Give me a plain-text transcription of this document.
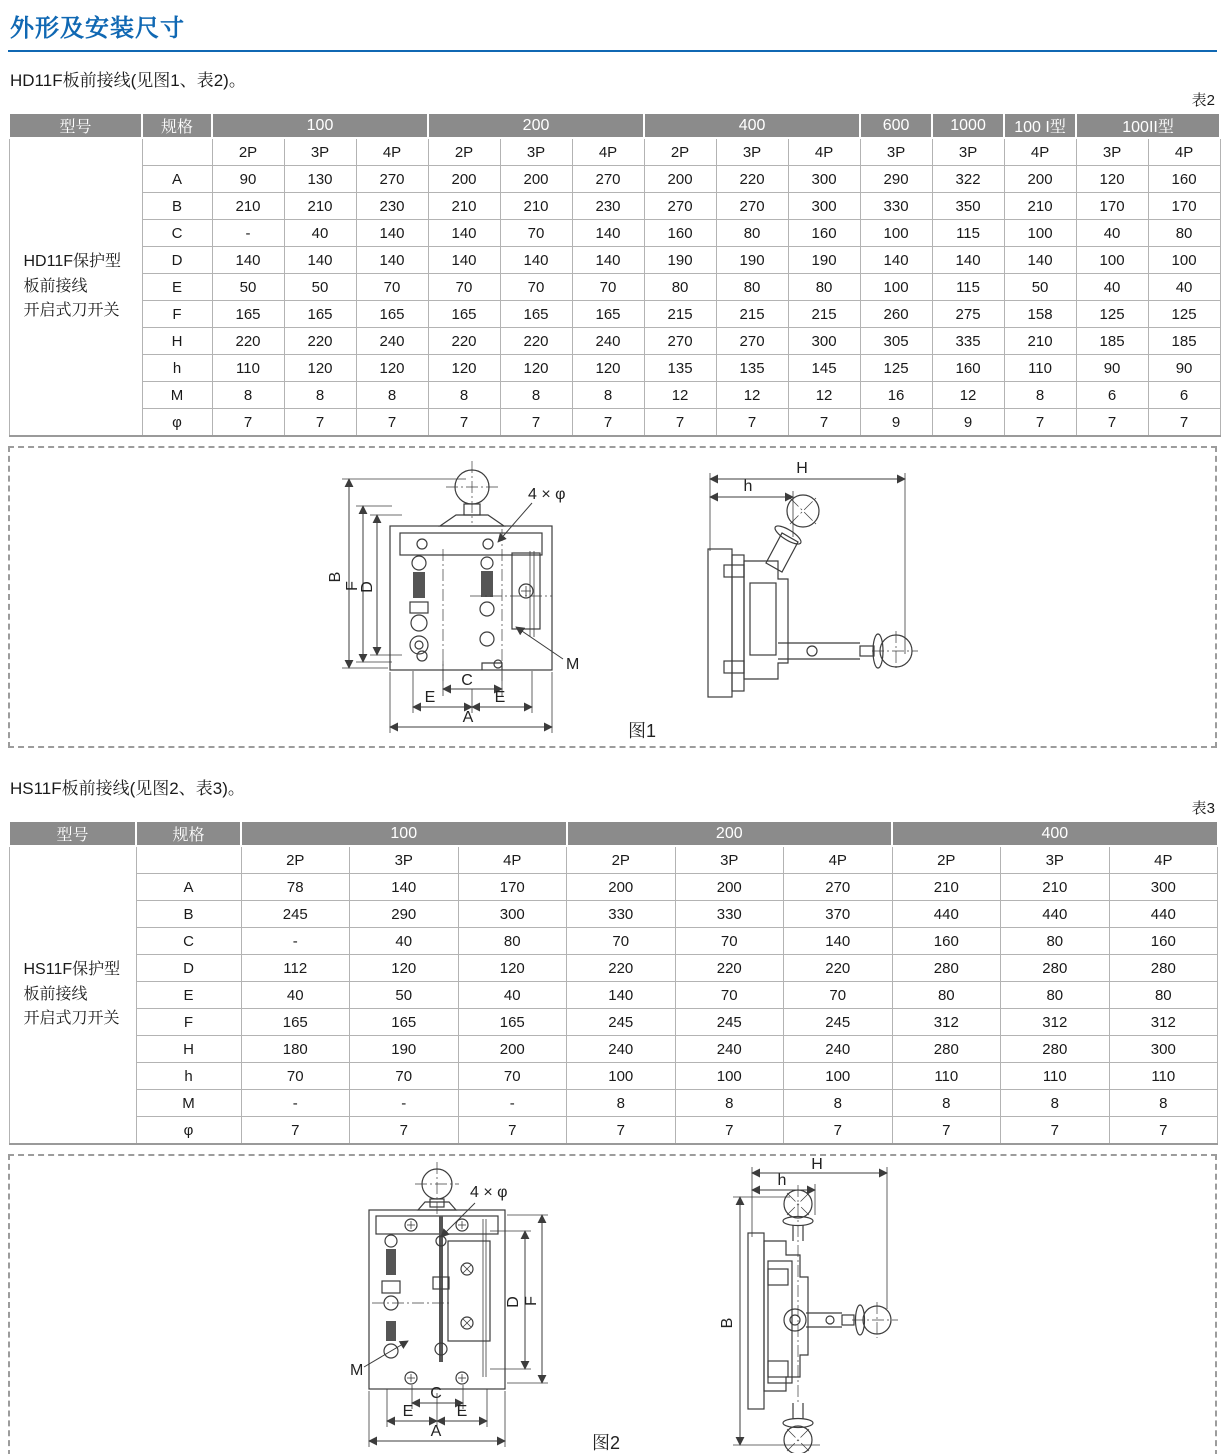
外形及安装尺寸

HD11F板前接线(见图1、表2)。

表2
型号	规格	100			200			400			600	1000	100 I型	100II型	

HD11F保护型
板前接线
开启式刀开关		2P	3P	4P	2P	3P	4P	2P	3P	4P	3P	3P	4P	3P	4P
	A	90	130	270	200	200	270	200	220	300	290	322	200	120	160
	B	210	210	230	210	210	230	270	270	300	330	350	210	170	170
	C	-	40	140	140	70	140	160	80	160	100	115	100	40	80
	D	140	140	140	140	140	140	190	190	190	140	140	140	100	100
	E	50	50	70	70	70	70	80	80	80	100	115	50	40	40
	F	165	165	165	165	165	165	215	215	215	260	275	158	125	125
	H	220	220	240	220	220	240	270	270	300	305	335	210	185	185
	h	110	120	120	120	120	120	135	135	145	125	160	110	90	90
	M	8	8	8	8	8	8	12	12	12	16	12	8	6	6
	φ	7	7	7	7	7	7	7	7	7	9	9	7	7	7
M
4 × φ
B
F
D
C
E	E
A
H
h
图1

HS11F板前接线(见图2、表3)。

表3
型号	规格	100			200			400		

HS11F保护型
板前接线
开启式刀开关		2P	3P	4P	2P	3P	4P	2P	3P	4P
	A	78	140	170	200	200	270	210	210	300
	B	245	290	300	330	330	370	440	440	440
	C	-	40	80	70	70	140	160	80	160
	D	112	120	120	220	220	220	280	280	280
	E	40	50	40	140	70	70	80	80	80
	F	165	165	165	245	245	245	312	312	312
	H	180	190	200	240	240	240	280	280	300
	h	70	70	70	100	100	100	110	110	110
	M	-	-	-	8	8	8	8	8	8
	φ	7	7	7	7	7	7	7	7	7
4 × φ
M
D F
C
E	E
A
H
h
B
图2
